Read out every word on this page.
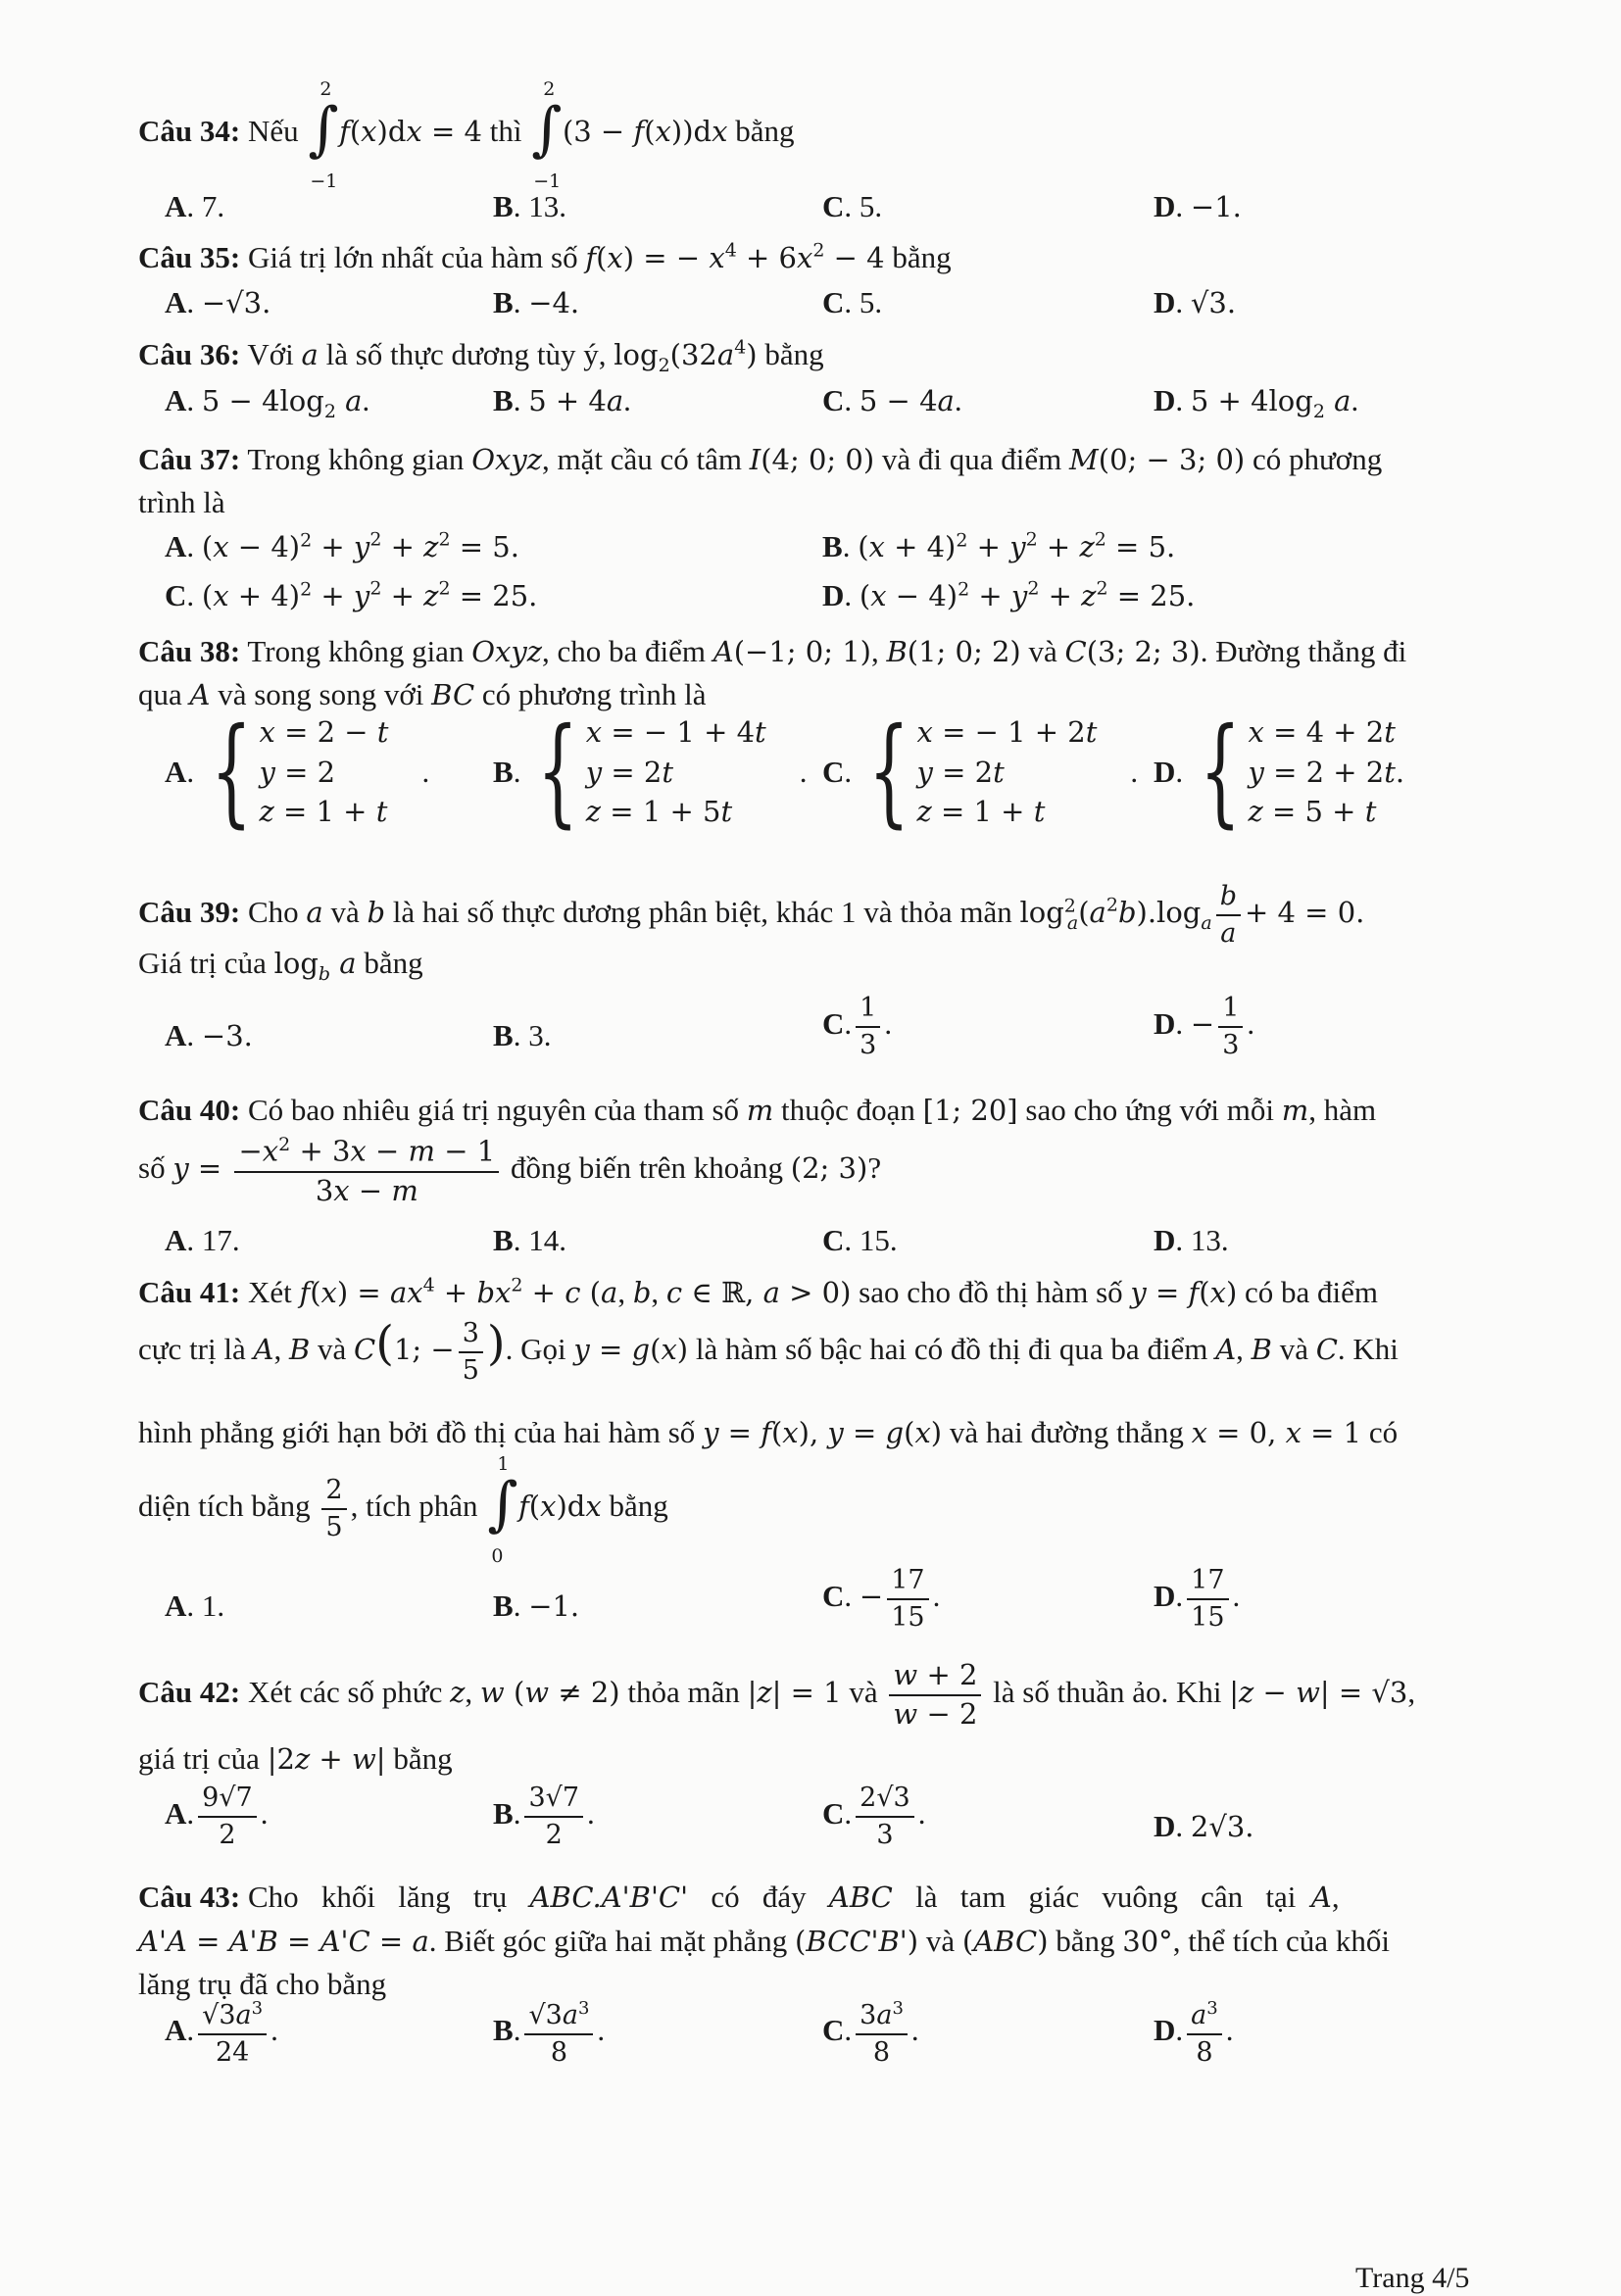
Câu 34: Nếu
2
∫
−1
f(x)dx = 4 thì
2
∫
−1
(3 − f(x))dx bằng
A. 7.	B. 13.	C. 5.	D. −1.
Câu 35: Giá trị lớn nhất của hàm số f(x) = − $x^4 + 6x^2 - 4$ bằng
A. −√3.	B. −4.	C. 5.	D. √3.
Câu 36: Với a là số thực dương tùy ý, $\log_2(32a^4)$ bằng
A. $5 - 4\log_2$ a.	B. 5 + 4a.	C. 5 − 4a.	D. $5 + 4\log_2$ a.
Câu 37: Trong không gian Oxyz, mặt cầu có tâm I(4; 0; 0) và đi qua điểm M(0; − 3; 0) có phương
trình là
A. $(x - 4)^2 + y^2 + z^2 = 5$.	B. $(x + 4)^2 + y^2 + z^2 = 5$.
C. $(x + 4)^2 + y^2 + z^2 = 25$.	D. $(x - 4)^2 + y^2 + z^2 = 25$.
Câu 38: Trong không gian Oxyz, cho ba điểm A(−1; 0; 1), B(1; 0; 2) và C(3; 2; 3). Đường thẳng đi
qua A và song song với BC có phương trình là
A . { x = 2 − t
y = 2
z = 1 + t
. B . { x = − 1 + 4t
y = 2t
z = 1 + 5t
. C . { x = − 1 + 2t
y = 2t
z = 1 + t
. D . { x = 4 + 2t
y = 2 + 2t.
z = 5 + t
Câu 39: Cho a và b là hai số thực dương phân biệt, khác 1 và thỏa mãn $\log^2_a(a^2b).\log_a \frac{b}{a} + 4 = 0$.
Giá trị của $\log_b a$ bằng
A. −3.	B. 3.	C. $\frac{1}{3}$ .	D. − $\frac{1}{3}$ .
Câu 40: Có bao nhiêu giá trị nguyên của tham số m thuộc đoạn [1; 20] sao cho ứng với mỗi m, hàm
số $y = \frac{-x^2 + 3x - m - 1}{3x - m}$ đồng biến trên khoảng (2; 3)?
A. 17.	B. 14.	C. 15.	D. 13.
Câu 41: Xét $f(x) = ax^4 + bx^2 + c$ (a, b, c ∈ ℝ, a > 0) sao cho đồ thị hàm số y = f(x) có ba điểm
cực trị là A, B và C(1; − $\frac{3}{5}$ ). Gọi y = g(x) là hàm số bậc hai có đồ thị đi qua ba điểm A, B và C. Khi
hình phẳng giới hạn bởi đồ thị của hai hàm số y = f(x), y = g(x) và hai đường thẳng x = 0, x = 1 có
diện tích bằng $\frac{2}{5}$ , tích phân
1
∫
0
f(x)dx bằng
A. 1.	B. −1.	C. − $\frac{17}{15}$ .	D. $\frac{17}{15}$ .
Câu 42: Xét các số phức z, w (w ≠ 2) thỏa mãn |z| = 1 và $\frac{w + 2}{w - 2}$ là số thuần ảo. Khi |z − w| = √3,
giá trị của |2z + w| bằng
A. $\frac{9√7}{2}$ .	B. $\frac{3√7}{2}$ .	C. $\frac{2√3}{3}$ .	D. 2√3.
Câu 43: Cho   khối   lăng   trụ   ABC.A'B'C'   có   đáy   ABC   là   tam   giác   vuông   cân   tại  A,
A'A = A'B = A'C = a. Biết góc giữa hai mặt phẳng (BCC'B') và (ABC) bằng 30°, thể tích của khối
lăng trụ đã cho bằng
A. $\frac{√3a^3}{24}$ .	B. $\frac{√3a^3}{8}$ .	C. $\frac{3a^3}{8}$ .	D. $\frac{a^3}{8}$ .
Trang 4/5
